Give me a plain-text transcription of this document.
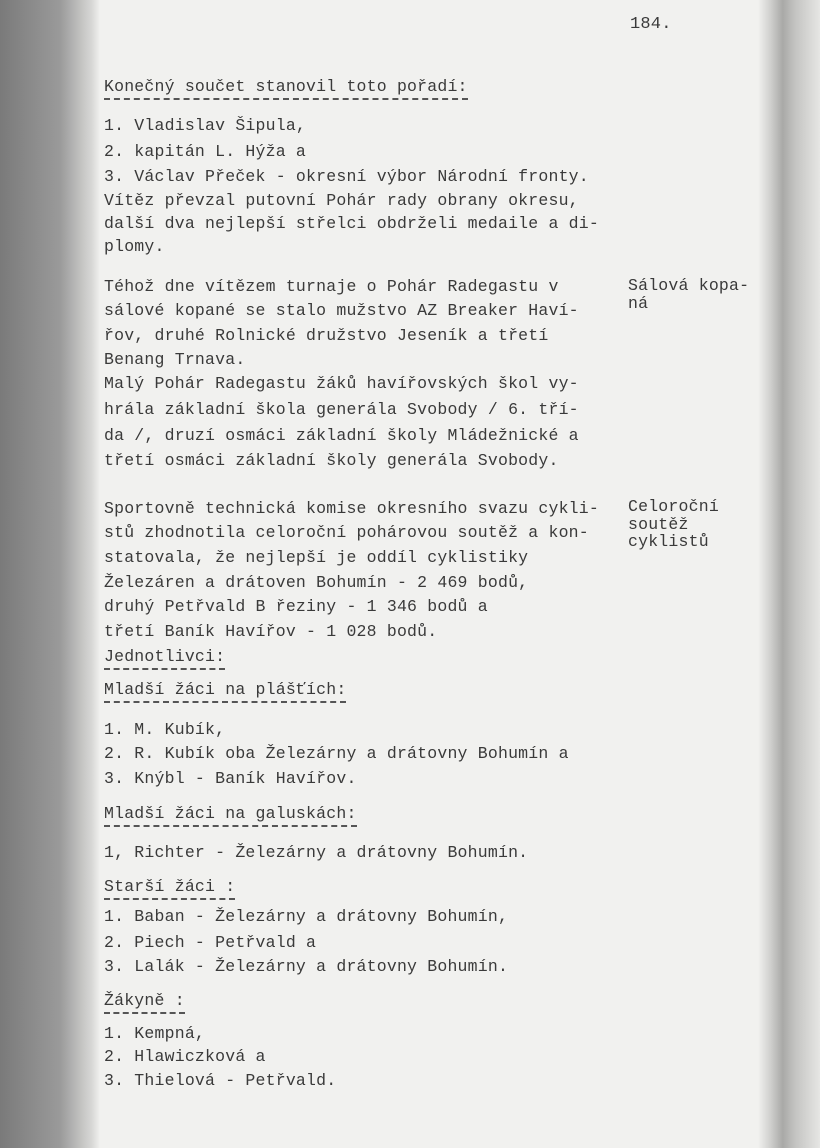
184.
Konečný součet stanovil toto pořadí:
1. Vladislav Šipula,
2. kapitán L. Hýža a
3. Václav Přeček - okresní výbor Národní fronty.
Vítěz převzal putovní Pohár rady obrany okresu,
další dva nejlepší střelci obdrželi medaile a di-
plomy.
Téhož dne vítězem turnaje o Pohár Radegastu v
sálové kopané se stalo mužstvo AZ Breaker Haví-
řov, druhé Rolnické družstvo Jeseník a třetí
Benang Trnava.
Malý Pohár Radegastu žáků havířovských škol vy-
hrála základní škola generála Svobody / 6. tří-
da /, druzí osmáci základní školy Mládežnické a
třetí osmáci základní školy generála Svobody.
Sálová kopa-
ná
Sportovně technická komise okresního svazu cykli-
stů zhodnotila celoroční pohárovou soutěž a kon-
statovala, že nejlepší je oddíl cyklistiky
Železáren a drátoven Bohumín - 2 469 bodů,
druhý Petřvald B řeziny - 1 346 bodů a
třetí Baník Havířov - 1 028 bodů.
Jednotlivci:
Celoroční
soutěž
cyklistů
Mladší žáci na plášťích:
1. M. Kubík,
2. R. Kubík oba Železárny a drátovny Bohumín a
3. Knýbl - Baník Havířov.
Mladší žáci na galuskách:
1, Richter - Železárny a drátovny Bohumín.
Starší žáci :
1. Baban - Železárny a drátovny Bohumín,
2. Piech - Petřvald a
3. Lalák - Železárny a drátovny Bohumín.
Žákyně :
1. Kempná,
2. Hlawiczková a
3. Thielová - Petřvald.
